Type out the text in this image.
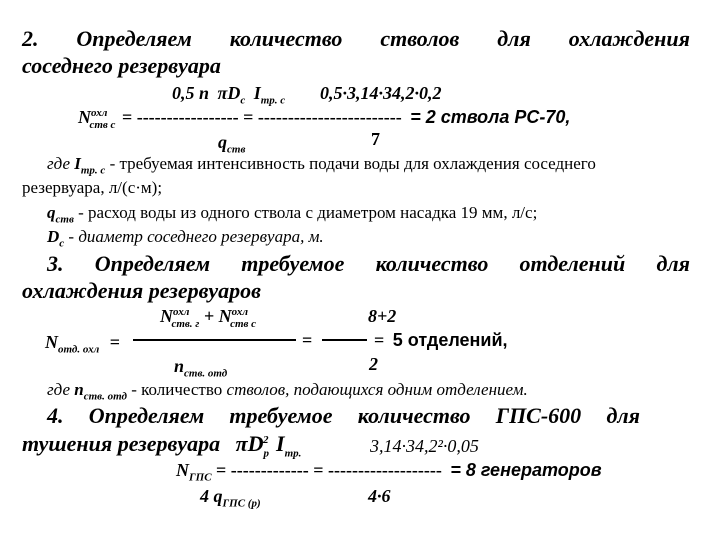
2. Определяем количество стволов для охлаждения
соседнего резервуара
0,5 n $\pi D_c$ $I_{тр. с}$ 0,5·3,14·34,2·0,2
$N^{охл}_{ств с}$ = ----------------- = ------------------------ = 2 ствола РС-70,
$q_{ств}$
7
где $I_{тр. с}$ - требуемая интенсивность подачи воды для охлаждения соседнего
резервуара, л/(с·м);
$q_{ств}$ - расход воды из одного ствола с диаметром насадка 19 мм, л/с;
$D_c$ - диаметр соседнего резервуара, м.
3. Определяем требуемое количество отделений для
охлаждения резервуаров
$N^{охл}_{ств. г} + N^{охл}_{ств с}$	8+2
$N_{отд. охл}$ =	=	= 5 отделений,
$n_{ств. отд}$	2
где $n_{ств. отд}$ - количество стволов, подающихся одним отделением.
4. Определяем требуемое количество ГПС-600 для
тушения резервуара $\pi D_р^2$ $I_{тр.}$	3,14·34,2²·0,05
$N_{ГПС}$ = ------------- = ------------------- = 8 генераторов
4 $q_{ГПС (р)}$	4·6
